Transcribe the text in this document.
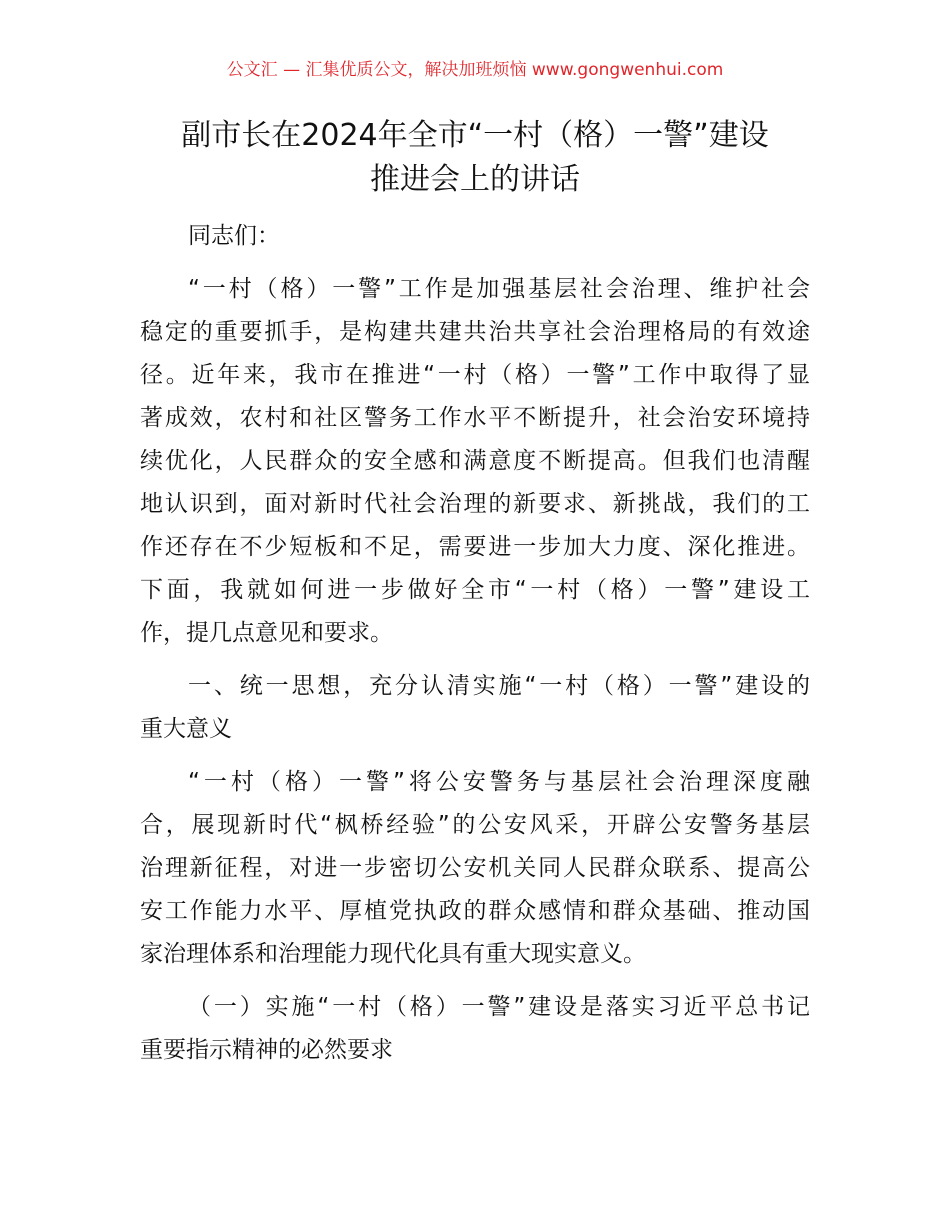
公文汇 — 汇集优质公文，解决加班烦恼 www.gongwenhui.com
副市长在2024年全市“一村（格）一警”建设
推进会上的讲话
同志们：
“一村（格）一警”工作是加强基层社会治理、维护社会
稳定的重要抓手，是构建共建共治共享社会治理格局的有效途
径。近年来，我市在推进“一村（格）一警”工作中取得了显
著成效，农村和社区警务工作水平不断提升，社会治安环境持
续优化，人民群众的安全感和满意度不断提高。但我们也清醒
地认识到，面对新时代社会治理的新要求、新挑战，我们的工
作还存在不少短板和不足，需要进一步加大力度、深化推进。
下面，我就如何进一步做好全市“一村（格）一警”建设工
作，提几点意见和要求。
一、统一思想，充分认清实施“一村（格）一警”建设的
重大意义
“一村（格）一警”将公安警务与基层社会治理深度融
合，展现新时代“枫桥经验”的公安风采，开辟公安警务基层
治理新征程，对进一步密切公安机关同人民群众联系、提高公
安工作能力水平、厚植党执政的群众感情和群众基础、推动国
家治理体系和治理能力现代化具有重大现实意义。
（一）实施“一村（格）一警”建设是落实习近平总书记
重要指示精神的必然要求
